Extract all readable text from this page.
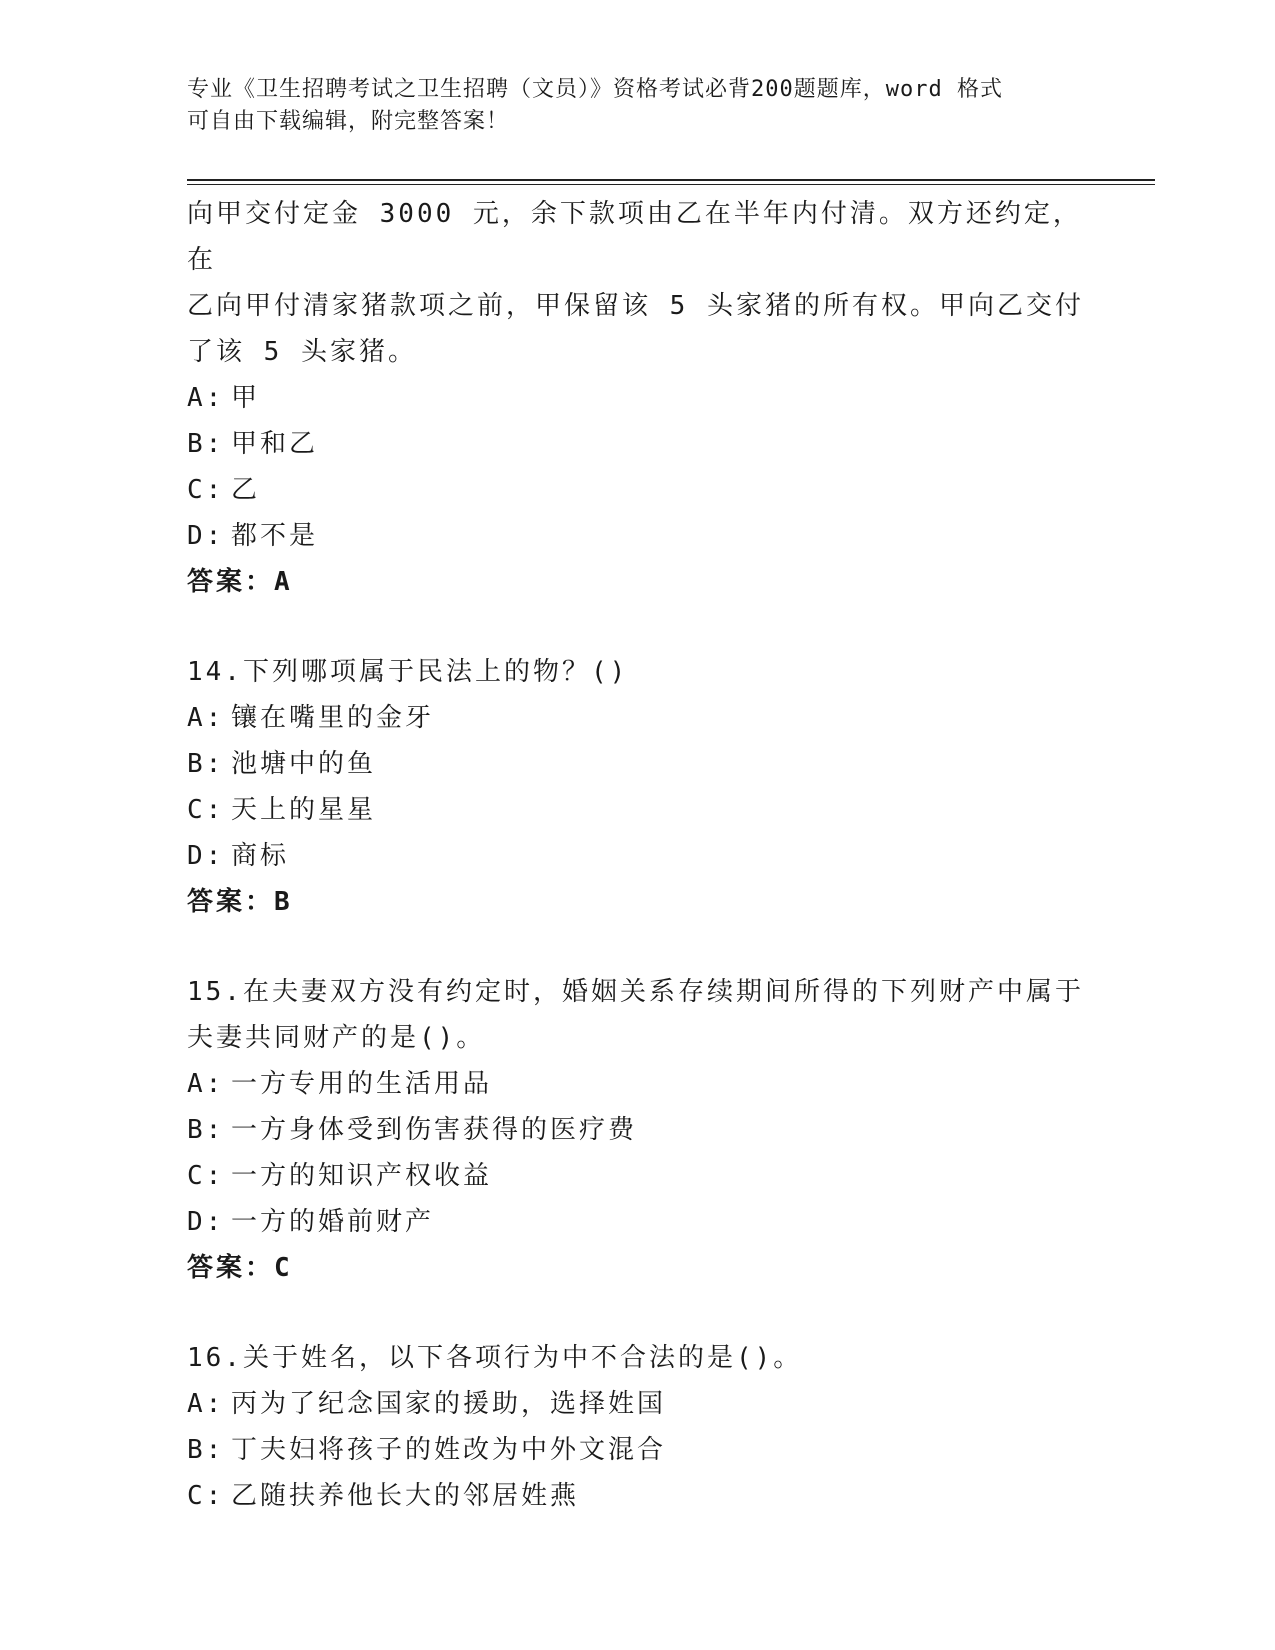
专业《卫生招聘考试之卫生招聘（文员）》资格考试必背200题题库，word 格式
可自由下载编辑，附完整答案！

向甲交付定金 3000 元，余下款项由乙在半年内付清。双方还约定，在

乙向甲付清家猪款项之前，甲保留该 5 头家猪的所有权。甲向乙交付

了该 5 头家猪。

A: 甲

B: 甲和乙

C: 乙

D: 都不是

答案：A

14.下列哪项属于民法上的物？()

A: 镶在嘴里的金牙

B: 池塘中的鱼

C: 天上的星星

D: 商标

答案：B

15.在夫妻双方没有约定时，婚姻关系存续期间所得的下列财产中属于

夫妻共同财产的是()。

A: 一方专用的生活用品

B: 一方身体受到伤害获得的医疗费

C: 一方的知识产权收益

D: 一方的婚前财产

答案：C

16.关于姓名，以下各项行为中不合法的是()。

A: 丙为了纪念国家的援助，选择姓国

B: 丁夫妇将孩子的姓改为中外文混合

C: 乙随扶养他长大的邻居姓燕
